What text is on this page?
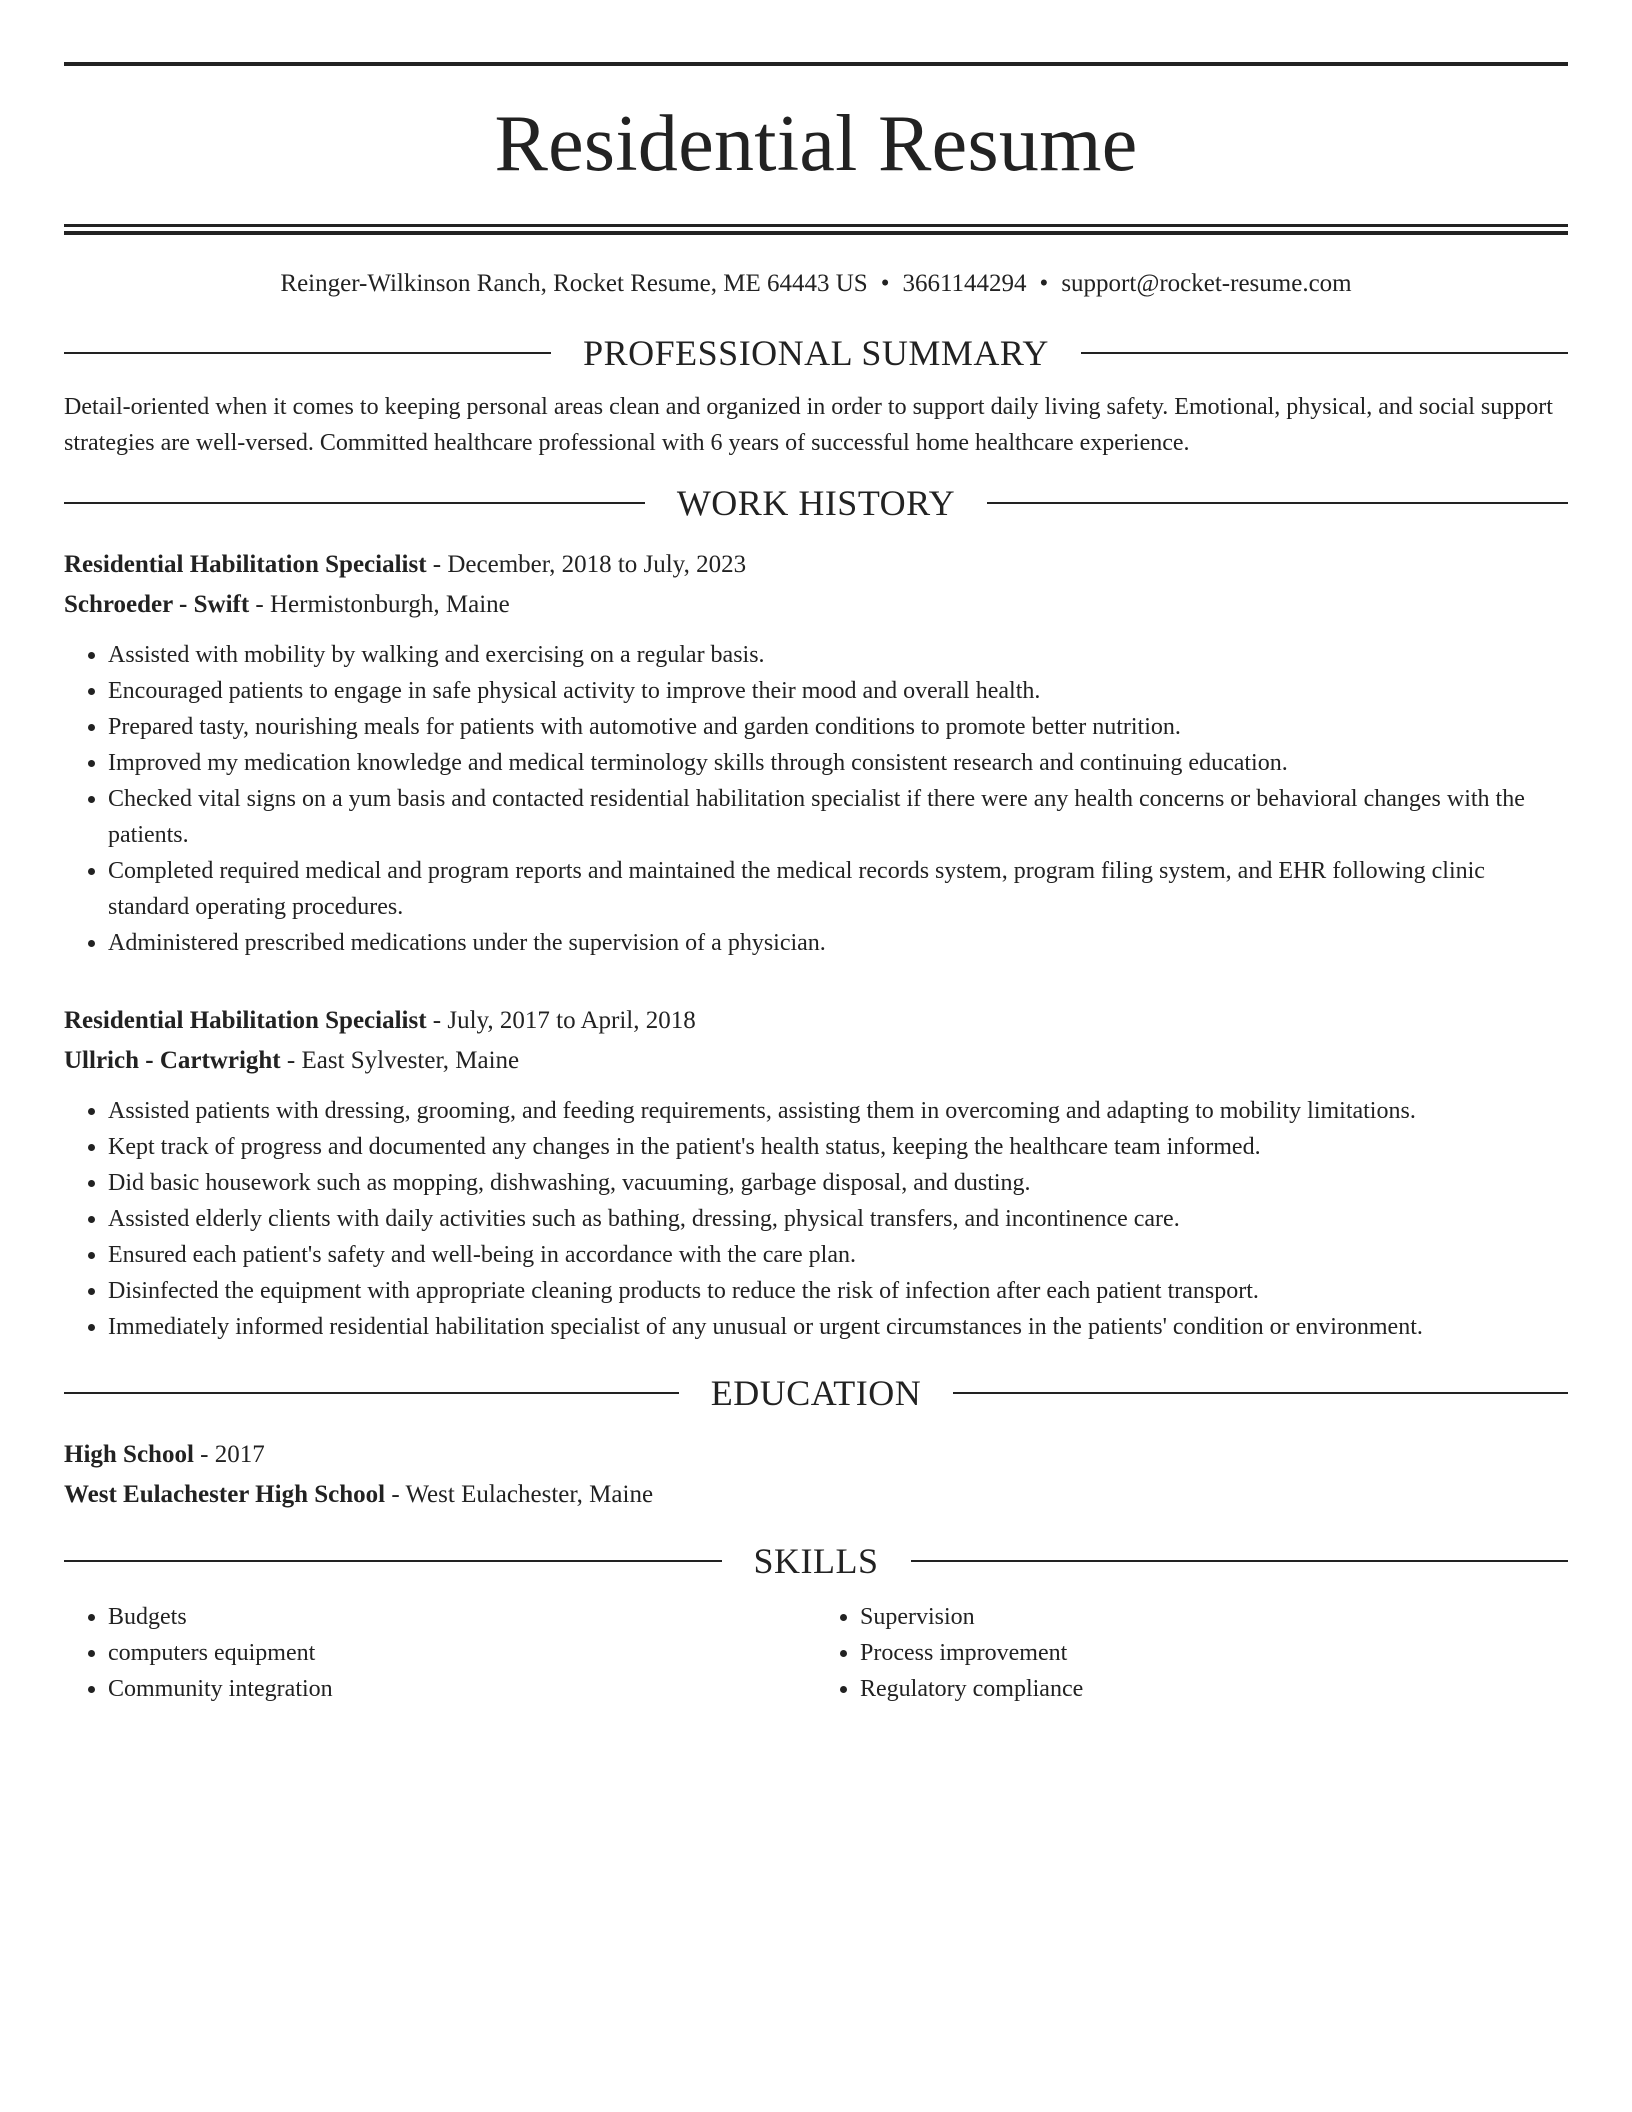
Residential Resume
Reinger-Wilkinson Ranch, Rocket Resume, ME 64443 US • 3661144294 • support@rocket-resume.com
PROFESSIONAL SUMMARY
Detail-oriented when it comes to keeping personal areas clean and organized in order to support daily living safety. Emotional, physical, and social support strategies are well-versed. Committed healthcare professional with 6 years of successful home healthcare experience.
WORK HISTORY
Residential Habilitation Specialist - December, 2018 to July, 2023
Schroeder - Swift - Hermistonburgh, Maine
• Assisted with mobility by walking and exercising on a regular basis.
• Encouraged patients to engage in safe physical activity to improve their mood and overall health.
• Prepared tasty, nourishing meals for patients with automotive and garden conditions to promote better nutrition.
• Improved my medication knowledge and medical terminology skills through consistent research and continuing education.
• Checked vital signs on a yum basis and contacted residential habilitation specialist if there were any health concerns or behavioral changes with the patients.
• Completed required medical and program reports and maintained the medical records system, program filing system, and EHR following clinic standard operating procedures.
• Administered prescribed medications under the supervision of a physician.
Residential Habilitation Specialist - July, 2017 to April, 2018
Ullrich - Cartwright - East Sylvester, Maine
• Assisted patients with dressing, grooming, and feeding requirements, assisting them in overcoming and adapting to mobility limitations.
• Kept track of progress and documented any changes in the patient's health status, keeping the healthcare team informed.
• Did basic housework such as mopping, dishwashing, vacuuming, garbage disposal, and dusting.
• Assisted elderly clients with daily activities such as bathing, dressing, physical transfers, and incontinence care.
• Ensured each patient's safety and well-being in accordance with the care plan.
• Disinfected the equipment with appropriate cleaning products to reduce the risk of infection after each patient transport.
• Immediately informed residential habilitation specialist of any unusual or urgent circumstances in the patients' condition or environment.
EDUCATION
High School - 2017
West Eulachester High School - West Eulachester, Maine
SKILLS
• Budgets
• computers equipment
• Community integration
• Supervision
• Process improvement
• Regulatory compliance
